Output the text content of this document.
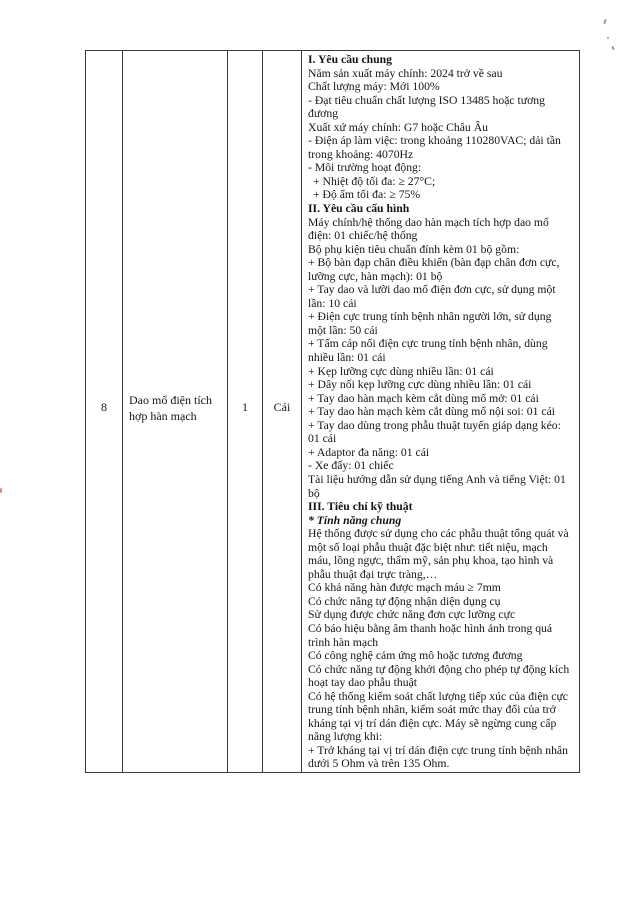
8
Dao mổ điện tích hợp hàn mạch
1 Cái
I. Yêu cầu chung
Năm sản xuất máy chính: 2024 trở về sau
Chất lượng máy: Mới 100%
- Đạt tiêu chuẩn chất lượng ISO 13485 hoặc tương
đương
Xuất xứ máy chính: G7 hoặc Châu Âu
- Điện áp làm việc: trong khoảng 110280VAC; dải tần
trong khoảng: 4070Hz
- Môi trường hoạt động:
+ Nhiệt độ tối đa: ≥ 27°C;
+ Độ ẩm tối đa: ≥ 75%
II. Yêu cầu cấu hình
Máy chính/hệ thống dao hàn mạch tích hợp dao mổ
điện: 01 chiếc/hệ thống
Bộ phụ kiện tiêu chuẩn đính kèm 01 bộ gồm:
+ Bộ bàn đạp chân điều khiển (bàn đạp chân đơn cực,
lưỡng cực, hàn mạch): 01 bộ
+ Tay dao và lưỡi dao mổ điện đơn cực, sử dụng một
lần: 10 cái
+ Điện cực trung tính bệnh nhân người lớn, sử dụng
một lần: 50 cái
+ Tấm cáp nối điện cực trung tính bệnh nhân, dùng
nhiều lần: 01 cái
+ Kẹp lưỡng cực dùng nhiều lần: 01 cái
+ Dây nối kẹp lưỡng cực dùng nhiều lần: 01 cái
+ Tay dao hàn mạch kèm cắt dùng mổ mở: 01 cái
+ Tay dao hàn mạch kèm cắt dùng mổ nội soi: 01 cái
+ Tay dao dùng trong phẫu thuật tuyến giáp dạng kéo:
01 cái
+ Adaptor đa năng: 01 cái
- Xe đẩy: 01 chiếc
Tài liệu hướng dẫn sử dụng tiếng Anh và tiếng Việt: 01
bộ
III. Tiêu chí kỹ thuật
* Tính năng chung
Hệ thống được sử dụng cho các phẫu thuật tổng quát và
một số loại phẫu thuật đặc biệt như: tiết niệu, mạch
máu, lồng ngực, thẩm mỹ, sản phụ khoa, tạo hình và
phẫu thuật đại trực tràng,…
Có khả năng hàn được mạch máu ≥ 7mm
Có chức năng tự động nhận diện dụng cụ
Sử dụng được chức năng đơn cực lưỡng cực
Có báo hiệu bằng âm thanh hoặc hình ảnh trong quá
trình hàn mạch
Có công nghệ cảm ứng mô hoặc tương đương
Có chức năng tự động khởi động cho phép tự động kích
hoạt tay dao phẫu thuật
Có hệ thống kiểm soát chất lượng tiếp xúc của điện cực
trung tính bệnh nhân, kiểm soát mức thay đổi của trở
kháng tại vị trí dán điện cực. Máy sẽ ngừng cung cấp
năng lượng khi:
+ Trở kháng tại vị trí dán điện cực trung tính bệnh nhân
dưới 5 Ohm và trên 135 Ohm.
